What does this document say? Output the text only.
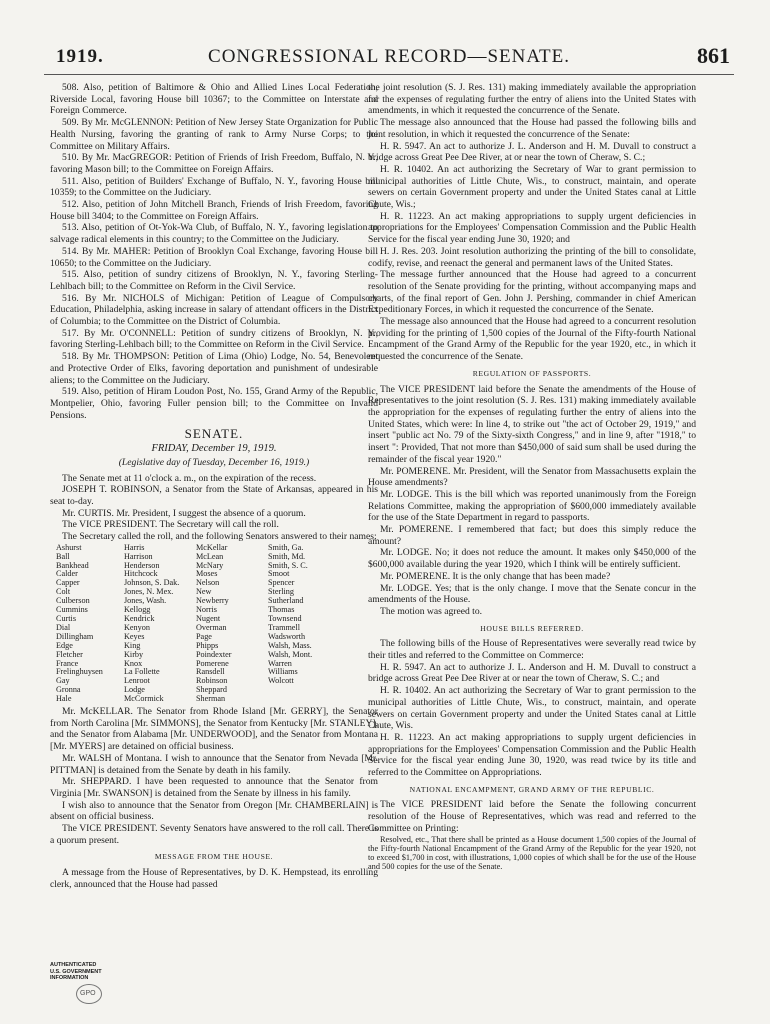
1919.	CONGRESSIONAL RECORD—SENATE.	861

508. Also, petition of Baltimore & Ohio and Allied Lines Local Federation, Riverside Local, favoring House bill 10367; to the Committee on Interstate and Foreign Commerce.

509. By Mr. McGLENNON: Petition of New Jersey State Organization for Public Health Nursing, favoring the granting of rank to Army Nurse Corps; to the Committee on Military Affairs.

510. By Mr. MacGREGOR: Petition of Friends of Irish Freedom, Buffalo, N. Y., favoring Mason bill; to the Committee on Foreign Affairs.

511. Also, petition of Builders' Exchange of Buffalo, N. Y., favoring House bill 10359; to the Committee on the Judiciary.

512. Also, petition of John Mitchell Branch, Friends of Irish Freedom, favoring House bill 3404; to the Committee on Foreign Affairs.

513. Also, petition of Ot-Yok-Wa Club, of Buffalo, N. Y., favoring legislation to salvage radical elements in this country; to the Committee on the Judiciary.

514. By Mr. MAHER: Petition of Brooklyn Coal Exchange, favoring House bill 10650; to the Committee on the Judiciary.

515. Also, petition of sundry citizens of Brooklyn, N. Y., favoring Sterling-Lehlbach bill; to the Committee on Reform in the Civil Service.

516. By Mr. NICHOLS of Michigan: Petition of League of Compulsory Education, Philadelphia, asking increase in salary of attendant officers in the District of Columbia; to the Committee on the District of Columbia.

517. By Mr. O'CONNELL: Petition of sundry citizens of Brooklyn, N. Y., favoring Sterling-Lehlbach bill; to the Committee on Reform in the Civil Service.

518. By Mr. THOMPSON: Petition of Lima (Ohio) Lodge, No. 54, Benevolent and Protective Order of Elks, favoring deportation and punishment of undesirable aliens; to the Committee on the Judiciary.

519. Also, petition of Hiram Loudon Post, No. 155, Grand Army of the Republic, Montpelier, Ohio, favoring Fuller pension bill; to the Committee on Invalid Pensions.

SENATE.
FRIDAY, December 19, 1919.
(Legislative day of Tuesday, December 16, 1919.)

The Senate met at 11 o'clock a. m., on the expiration of the recess.

JOSEPH T. ROBINSON, a Senator from the State of Arkansas, appeared in his seat to-day.

Mr. CURTIS. Mr. President, I suggest the absence of a quorum.

The VICE PRESIDENT. The Secretary will call the roll.

The Secretary called the roll, and the following Senators answered to their names:

Ashurst	Harris	McKellar	Smith, Ga.
Ball	Harrison	McLean	Smith, Md.
Bankhead	Henderson	McNary	Smith, S. C.
Calder	Hitchcock	Moses	Smoot
Capper	Johnson, S. Dak.	Nelson	Spencer
Colt	Jones, N. Mex.	New	Sterling
Culberson	Jones, Wash.	Newberry	Sutherland
Cummins	Kellogg	Norris	Thomas
Curtis	Kendrick	Nugent	Townsend
Dial	Kenyon	Overman	Trammell
Dillingham	Keyes	Page	Wadsworth
Edge	King	Phipps	Walsh, Mass.
Fletcher	Kirby	Poindexter	Walsh, Mont.
France	Knox	Pomerene	Warren
Frelinghuysen	La Follette	Ransdell	Williams
Gay	Lenroot	Robinson	Wolcott
Gronna	Lodge	Sheppard
Hale	McCormick	Sherman

Mr. McKELLAR. The Senator from Rhode Island [Mr. GERRY], the Senator from North Carolina [Mr. SIMMONS], the Senator from Kentucky [Mr. STANLEY], and the Senator from Alabama [Mr. UNDERWOOD], and the Senator from Montana [Mr. MYERS] are detained on official business.

Mr. WALSH of Montana. I wish to announce that the Senator from Nevada [Mr. PITTMAN] is detained from the Senate by death in his family.

Mr. SHEPPARD. I have been requested to announce that the Senator from Virginia [Mr. SWANSON] is detained from the Senate by illness in his family.

I wish also to announce that the Senator from Oregon [Mr. CHAMBERLAIN] is absent on official business.

The VICE PRESIDENT. Seventy Senators have answered to the roll call. There is a quorum present.

MESSAGE FROM THE HOUSE.

A message from the House of Representatives, by D. K. Hempstead, its enrolling clerk, announced that the House had passed

the joint resolution (S. J. Res. 131) making immediately available the appropriation for the expenses of regulating further the entry of aliens into the United States with amendments, in which it requested the concurrence of the Senate.

The message also announced that the House had passed the following bills and joint resolution, in which it requested the concurrence of the Senate:

H. R. 5947. An act to authorize J. L. Anderson and H. M. Duvall to construct a bridge across Great Pee Dee River, at or near the town of Cheraw, S. C.;

H. R. 10402. An act authorizing the Secretary of War to grant permission to municipal authorities of Little Chute, Wis., to construct, maintain, and operate sewers on certain Government property and under the United States canal at Little Chute, Wis.;

H. R. 11223. An act making appropriations to supply urgent deficiencies in appropriations for the Employees' Compensation Commission and the Public Health Service for the fiscal year ending June 30, 1920; and

H. J. Res. 203. Joint resolution authorizing the printing of the bill to consolidate, codify, revise, and reenact the general and permanent laws of the United States.

The message further announced that the House had agreed to a concurrent resolution of the Senate providing for the printing, without accompanying maps and charts, of the final report of Gen. John J. Pershing, commander in chief American Expeditionary Forces, in which it requested the concurrence of the Senate.

The message also announced that the House had agreed to a concurrent resolution providing for the printing of 1,500 copies of the Journal of the Fifty-fourth National Encampment of the Grand Army of the Republic for the year 1920, etc., in which it requested the concurrence of the Senate.

REGULATION OF PASSPORTS.

The VICE PRESIDENT laid before the Senate the amendments of the House of Representatives to the joint resolution (S. J. Res. 131) making immediately available the appropriation for the expenses of regulating further the entry of aliens into the United States, which were: In line 4, to strike out "the act of October 29, 1919," and insert "public act No. 79 of the Sixty-sixth Congress," and in line 9, after "1918," to insert ": Provided, That not more than $450,000 of said sum shall be used during the remainder of the fiscal year 1920."

Mr. POMERENE. Mr. President, will the Senator from Massachusetts explain the House amendments?

Mr. LODGE. This is the bill which was reported unanimously from the Foreign Relations Committee, making the appropriation of $600,000 immediately available for the use of the State Department in regard to passports.

Mr. POMERENE. I remembered that fact; but does this simply reduce the amount?

Mr. LODGE. No; it does not reduce the amount. It makes only $450,000 of the $600,000 available during the year 1920, which I think will be entirely sufficient.

Mr. POMERENE. It is the only change that has been made?

Mr. LODGE. Yes; that is the only change. I move that the Senate concur in the amendments of the House.

The motion was agreed to.

HOUSE BILLS REFERRED.

The following bills of the House of Representatives were severally read twice by their titles and referred to the Committee on Commerce:

H. R. 5947. An act to authorize J. L. Anderson and H. M. Duvall to construct a bridge across Great Pee Dee River at or near the town of Cheraw, S. C.; and

H. R. 10402. An act authorizing the Secretary of War to grant permission to the municipal authorities of Little Chute, Wis., to construct, maintain, and operate sewers on certain Government property and under the United States canal at Little Chute, Wis.

H. R. 11223. An act making appropriations to supply urgent deficiencies in appropriations for the Employees' Compensation Commission and the Public Health Service for the fiscal year ending June 30, 1920, was read twice by its title and referred to the Committee on Appropriations.

NATIONAL ENCAMPMENT, GRAND ARMY OF THE REPUBLIC.

The VICE PRESIDENT laid before the Senate the following concurrent resolution of the House of Representatives, which was read and referred to the Committee on Printing:

Resolved, etc., That there shall be printed as a House document 1,500 copies of the Journal of the Fifty-fourth National Encampment of the Grand Army of the Republic for the year 1920, not to exceed $1,700 in cost, with illustrations, 1,000 copies of which shall be for the use of the House and 500 copies for the use of the Senate.

AUTHENTICATED
U.S. GOVERNMENT
INFORMATION
GPO
